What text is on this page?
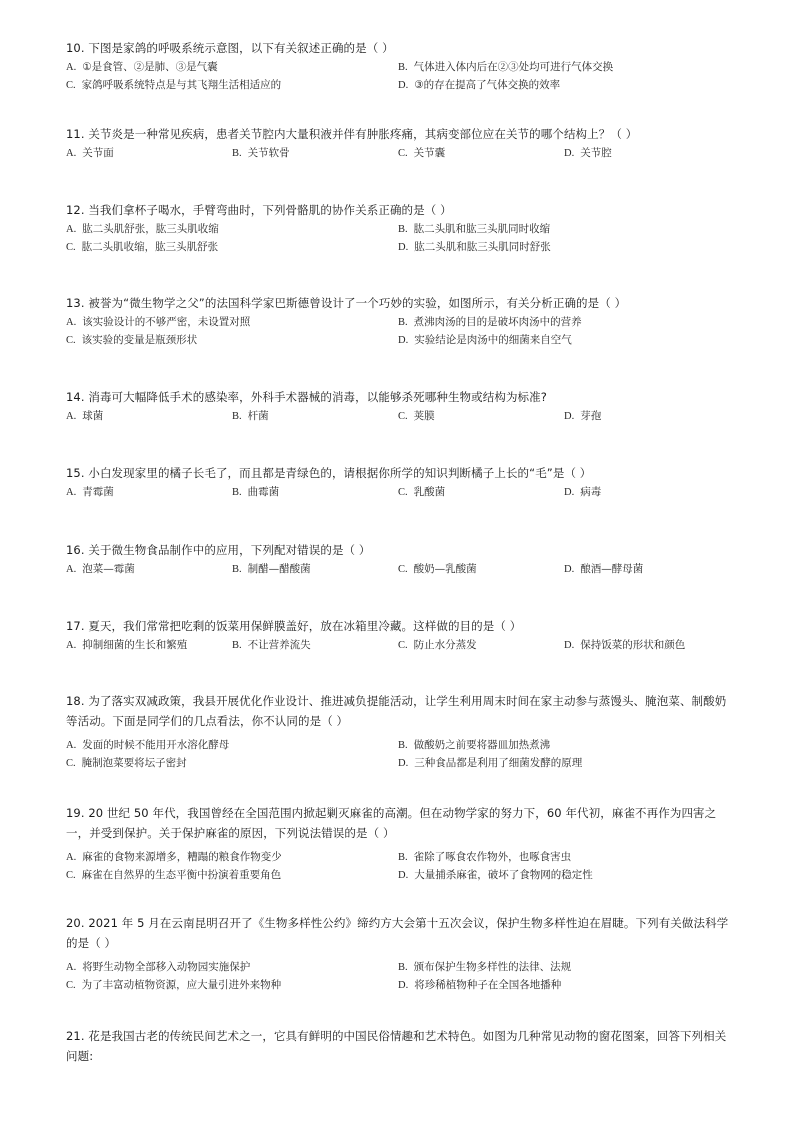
10. 下图是家鸽的呼吸系统示意图，以下有关叙述正确的是（ ）

A. ①是食管、②是肺、③是气囊	B. 气体进入体内后在②③处均可进行气体交换
C. 家鸽呼吸系统特点是与其飞翔生活相适应的	D. ③的存在提高了气体交换的效率

11. 关节炎是一种常见疾病，患者关节腔内大量积液并伴有肿胀疼痛，其病变部位应在关节的哪个结构上？（ ）

A. 关节面	B. 关节软骨	C. 关节囊	D. 关节腔

12. 当我们拿杯子喝水，手臂弯曲时，下列骨骼肌的协作关系正确的是（ ）

A. 肱二头肌舒张，肱三头肌收缩	B. 肱二头肌和肱三头肌同时收缩
C. 肱二头肌收缩，肱三头肌舒张	D. 肱二头肌和肱三头肌同时舒张

13. 被誉为“微生物学之父”的法国科学家巴斯德曾设计了一个巧妙的实验，如图所示，有关分析正确的是（ ）

A. 该实验设计的不够严密，未设置对照	B. 煮沸肉汤的目的是破坏肉汤中的营养
C. 该实验的变量是瓶颈形状	D. 实验结论是肉汤中的细菌来自空气

14. 消毒可大幅降低手术的感染率，外科手术器械的消毒，以能够杀死哪种生物或结构为标准?

A. 球菌	B. 杆菌	C. 荚膜	D. 芽孢

15. 小白发现家里的橘子长毛了，而且都是青绿色的，请根据你所学的知识判断橘子上长的“毛”是（ ）

A. 青霉菌	B. 曲霉菌	C. 乳酸菌	D. 病毒

16. 关于微生物食品制作中的应用，下列配对错误的是（ ）

A. 泡菜—霉菌	B. 制醋—醋酸菌	C. 酸奶—乳酸菌	D. 酿酒—酵母菌

17. 夏天，我们常常把吃剩的饭菜用保鲜膜盖好，放在冰箱里冷藏。这样做的目的是（ ）

A. 抑制细菌的生长和繁殖	B. 不让营养流失	C. 防止水分蒸发	D. 保持饭菜的形状和颜色

18. 为了落实双减政策，我县开展优化作业设计、推进减负提能活动，让学生利用周末时间在家主动参与蒸馒头、腌泡菜、制酸奶等活动。下面是同学们的几点看法，你不认同的是（ ）

A. 发面的时候不能用开水溶化酵母	B. 做酸奶之前要将器皿加热煮沸
C. 腌制泡菜要将坛子密封	D. 三种食品都是利用了细菌发酵的原理

19. 20 世纪 50 年代，我国曾经在全国范围内掀起剿灭麻雀的高潮。但在动物学家的努力下，60 年代初，麻雀不再作为四害之一，并受到保护。关于保护麻雀的原因，下列说法错误的是（ ）

A. 麻雀的食物来源增多，糟蹋的粮食作物变少	B. 雀除了啄食农作物外，也啄食害虫
C. 麻雀在自然界的生态平衡中扮演着重要角色	D. 大量捕杀麻雀，破坏了食物网的稳定性

20. 2021 年 5 月在云南昆明召开了《生物多样性公约》缔约方大会第十五次会议，保护生物多样性迫在眉睫。下列有关做法科学的是（ ）

A. 将野生动物全部移入动物园实施保护	B. 颁布保护生物多样性的法律、法规
C. 为了丰富动植物资源，应大量引进外来物种	D. 将珍稀植物种子在全国各地播种

21. 花是我国古老的传统民间艺术之一，它具有鲜明的中国民俗情趣和艺术特色。如图为几种常见动物的窗花图案，回答下列相关问题:
